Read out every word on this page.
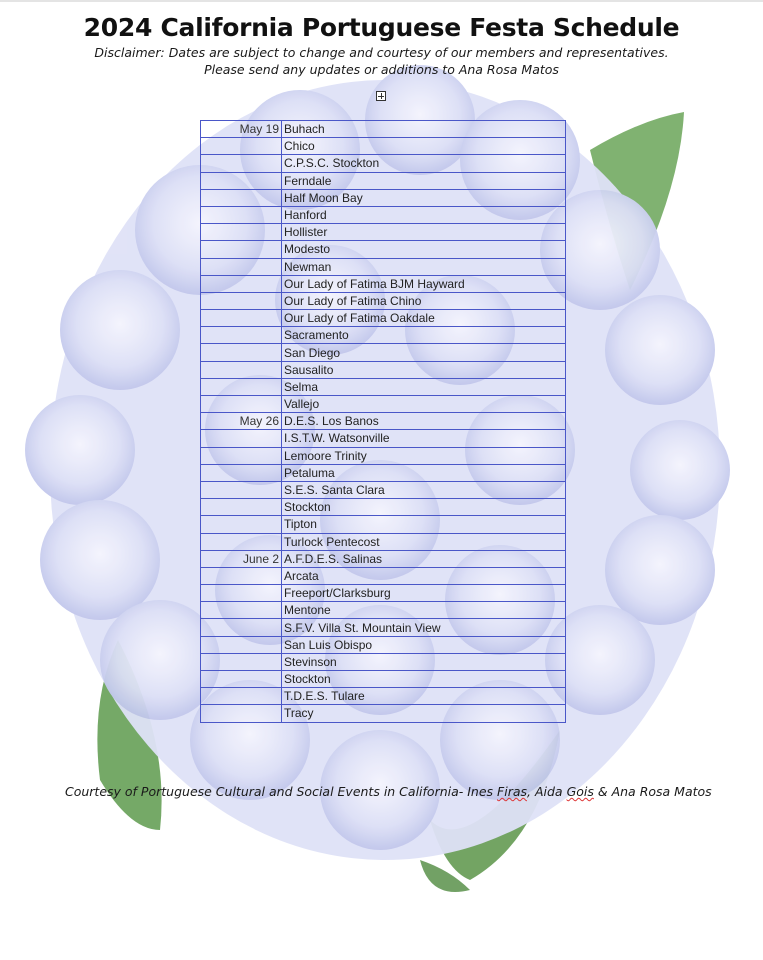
2024 California Portuguese Festa Schedule
Disclaimer: Dates are subject to change and courtesy of our members and representatives.
Please send any updates or additions to Ana Rosa Matos
May 19	Buhach
	Chico
	C.P.S.C. Stockton
	Ferndale
	Half Moon Bay
	Hanford
	Hollister
	Modesto
	Newman
	Our Lady of Fatima BJM Hayward
	Our Lady of Fatima Chino
	Our Lady of Fatima Oakdale
	Sacramento
	San Diego
	Sausalito
	Selma
	Vallejo
May 26	D.E.S. Los Banos
	I.S.T.W. Watsonville
	Lemoore Trinity
	Petaluma
	S.E.S. Santa Clara
	Stockton
	Tipton
	Turlock Pentecost
June 2	A.F.D.E.S. Salinas
	Arcata
	Freeport/Clarksburg
	Mentone
	S.F.V. Villa St. Mountain View
	San Luis Obispo
	Stevinson
	Stockton
	T.D.E.S. Tulare
	Tracy
Courtesy of Portuguese Cultural and Social Events in California- Ines Firas, Aida Gois & Ana Rosa Matos
